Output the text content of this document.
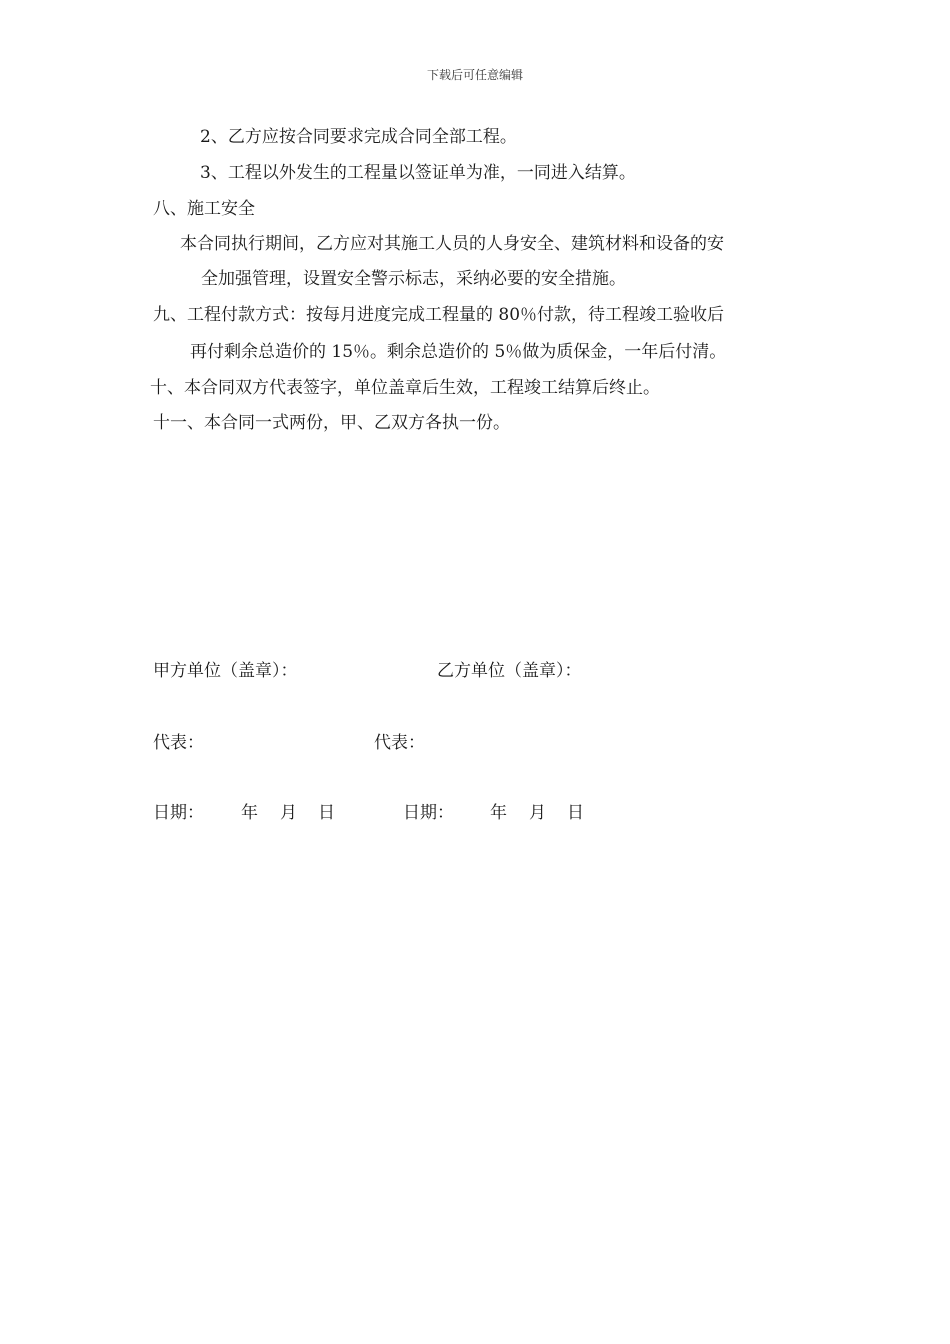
下载后可任意编辑
2、乙方应按合同要求完成合同全部工程。
3、工程以外发生的工程量以签证单为准，一同进入结算。
八、施工安全
本合同执行期间，乙方应对其施工人员的人身安全、建筑材料和设备的安
全加强管理，设置安全警示标志，采纳必要的安全措施。
九、工程付款方式：按每月进度完成工程量的 80％付款，待工程竣工验收后
再付剩余总造价的 15％。剩余总造价的 5％做为质保金，一年后付清。
十、本合同双方代表签字，单位盖章后生效，工程竣工结算后终止。
十一、本合同一式两份，甲、乙双方各执一份。
甲方单位（盖章）：	乙方单位（盖章）：
代表：	代表：
日期： 年 月 日	日期： 年 月 日
